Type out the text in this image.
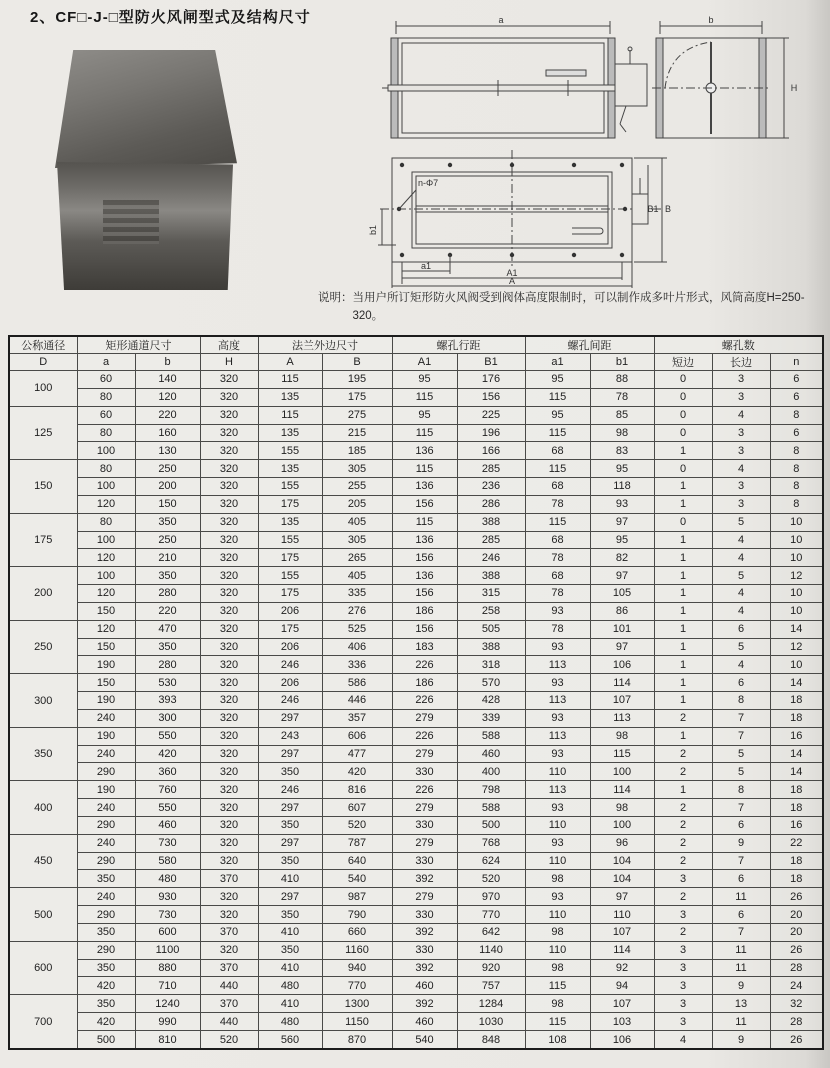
2、CF□-J-□型防火风闸型式及结构尺寸	a	b
H
n-Φ7
b1
a1
A1
A
B1 B
说明： 当用户所订矩形防火风阀受到阀体高度限制时，可以制作成多叶片形式，风筒高度H=250-320。
公称通径	矩形通道尺寸		高度	法兰外边尺寸		螺孔行距		螺孔间距		螺孔数		
D	a	b	H	A	B	A1	B1	a1	b1	短边	长边	n
100	60	140	320	115	195	95	176	95	88	0	3	6
	80	120	320	135	175	115	156	115	78	0	3	6
125	60	220	320	115	275	95	225	95	85	0	4	8
	80	160	320	135	215	115	196	115	98	0	3	6
	100	130	320	155	185	136	166	68	83	1	3	8
150	80	250	320	135	305	115	285	115	95	0	4	8
	100	200	320	155	255	136	236	68	118	1	3	8
	120	150	320	175	205	156	286	78	93	1	3	8
175	80	350	320	135	405	115	388	115	97	0	5	10
	100	250	320	155	305	136	285	68	95	1	4	10
	120	210	320	175	265	156	246	78	82	1	4	10
200	100	350	320	155	405	136	388	68	97	1	5	12
	120	280	320	175	335	156	315	78	105	1	4	10
	150	220	320	206	276	186	258	93	86	1	4	10
250	120	470	320	175	525	156	505	78	101	1	6	14
	150	350	320	206	406	183	388	93	97	1	5	12
	190	280	320	246	336	226	318	113	106	1	4	10
300	150	530	320	206	586	186	570	93	114	1	6	14
	190	393	320	246	446	226	428	113	107	1	8	18
	240	300	320	297	357	279	339	93	113	2	7	18
350	190	550	320	243	606	226	588	113	98	1	7	16
	240	420	320	297	477	279	460	93	115	2	5	14
	290	360	320	350	420	330	400	110	100	2	5	14
400	190	760	320	246	816	226	798	113	114	1	8	18
	240	550	320	297	607	279	588	93	98	2	7	18
	290	460	320	350	520	330	500	110	100	2	6	16
450	240	730	320	297	787	279	768	93	96	2	9	22
	290	580	320	350	640	330	624	110	104	2	7	18
	350	480	370	410	540	392	520	98	104	3	6	18
500	240	930	320	297	987	279	970	93	97	2	11	26
	290	730	320	350	790	330	770	110	110	3	6	20
	350	600	370	410	660	392	642	98	107	2	7	20
600	290	1100	320	350	1160	330	1140	110	114	3	11	26
	350	880	370	410	940	392	920	98	92	3	11	28
	420	710	440	480	770	460	757	115	94	3	9	24
700	350	1240	370	410	1300	392	1284	98	107	3	13	32
	420	990	440	480	1150	460	1030	115	103	3	11	28
	500	810	520	560	870	540	848	108	106	4	9	26
